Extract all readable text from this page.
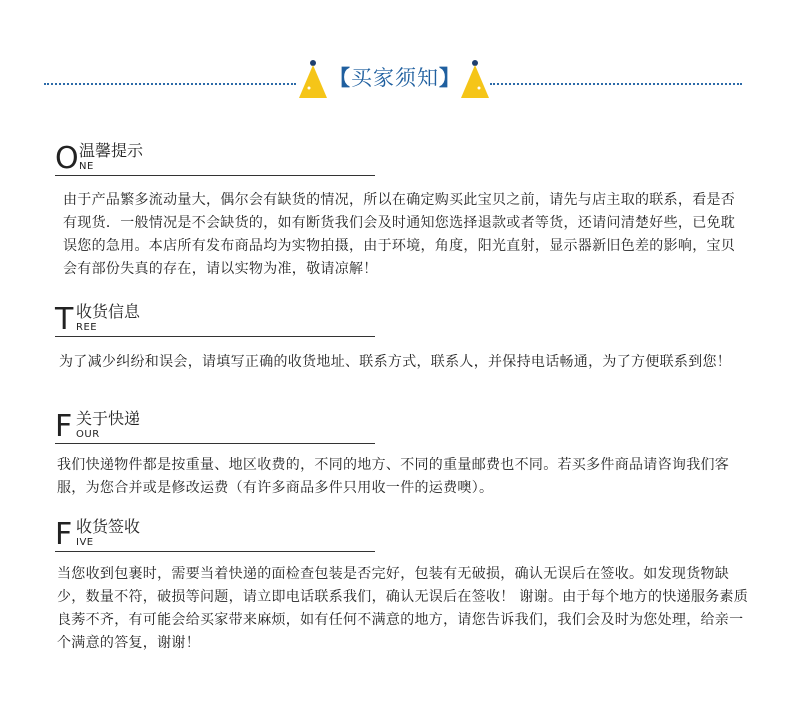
【买家须知】
O 温馨提示
NE
由于产品繁多流动量大，偶尔会有缺货的情况，所以在确定购买此宝贝之前，请先与店主取的联系，看是否有现货．一般情况是不会缺货的，如有断货我们会及时通知您选择退款或者等货，还请问清楚好些，已免耽误您的急用。本店所有发布商品均为实物拍摄，由于环境，角度，阳光直射，显示器新旧色差的影响，宝贝会有部份失真的存在，请以实物为准，敬请凉解！
T 收货信息
REE
为了减少纠纷和误会，请填写正确的收货地址、联系方式，联系人，并保持电话畅通，为了方便联系到您！
F 关于快递
OUR
我们快递物件都是按重量、地区收费的，不同的地方、不同的重量邮费也不同。若买多件商品请咨询我们客服，为您合并或是修改运费（有许多商品多件只用收一件的运费噢）。
F 收货签收
IVE
当您收到包裹时，需要当着快递的面检查包装是否完好，包装有无破损，确认无误后在签收。如发现货物缺少，数量不符，破损等问题，请立即电话联系我们，确认无误后在签收！ 谢谢。由于每个地方的快递服务素质良莠不齐，有可能会给买家带来麻烦，如有任何不满意的地方，请您告诉我们，我们会及时为您处理，给亲一个满意的答复，谢谢！
